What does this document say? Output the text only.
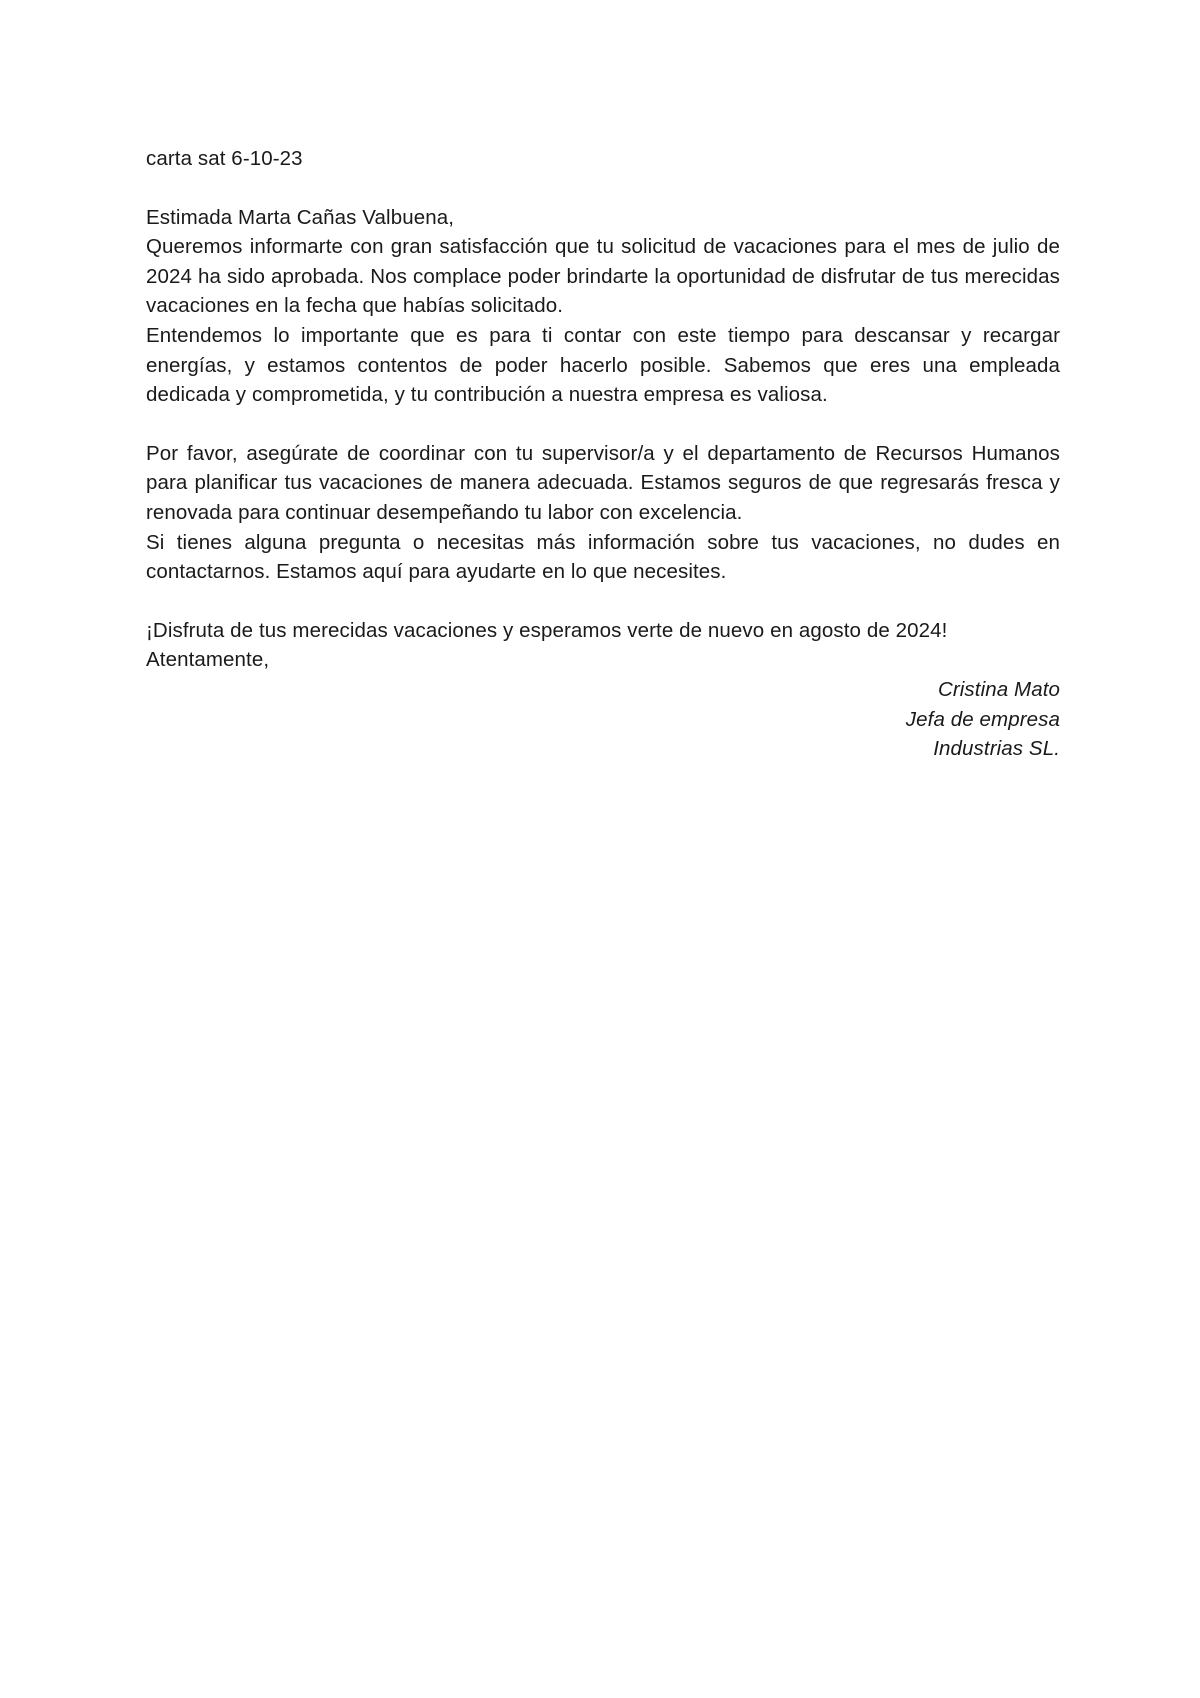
carta sat 6-10-23

Estimada Marta Cañas Valbuena,

Queremos informarte con gran satisfacción que tu solicitud de vacaciones para el mes de julio de 2024 ha sido aprobada. Nos complace poder brindarte la oportunidad de disfrutar de tus merecidas vacaciones en la fecha que habías solicitado.

Entendemos lo importante que es para ti contar con este tiempo para descansar y recargar energías, y estamos contentos de poder hacerlo posible. Sabemos que eres una empleada dedicada y comprometida, y tu contribución a nuestra empresa es valiosa.

Por favor, asegúrate de coordinar con tu supervisor/a y el departamento de Recursos Humanos para planificar tus vacaciones de manera adecuada. Estamos seguros de que regresarás fresca y renovada para continuar desempeñando tu labor con excelencia.

Si tienes alguna pregunta o necesitas más información sobre tus vacaciones, no dudes en contactarnos. Estamos aquí para ayudarte en lo que necesites.

¡Disfruta de tus merecidas vacaciones y esperamos verte de nuevo en agosto de 2024!

Atentamente,

Cristina Mato

Jefa de empresa

Industrias SL.
